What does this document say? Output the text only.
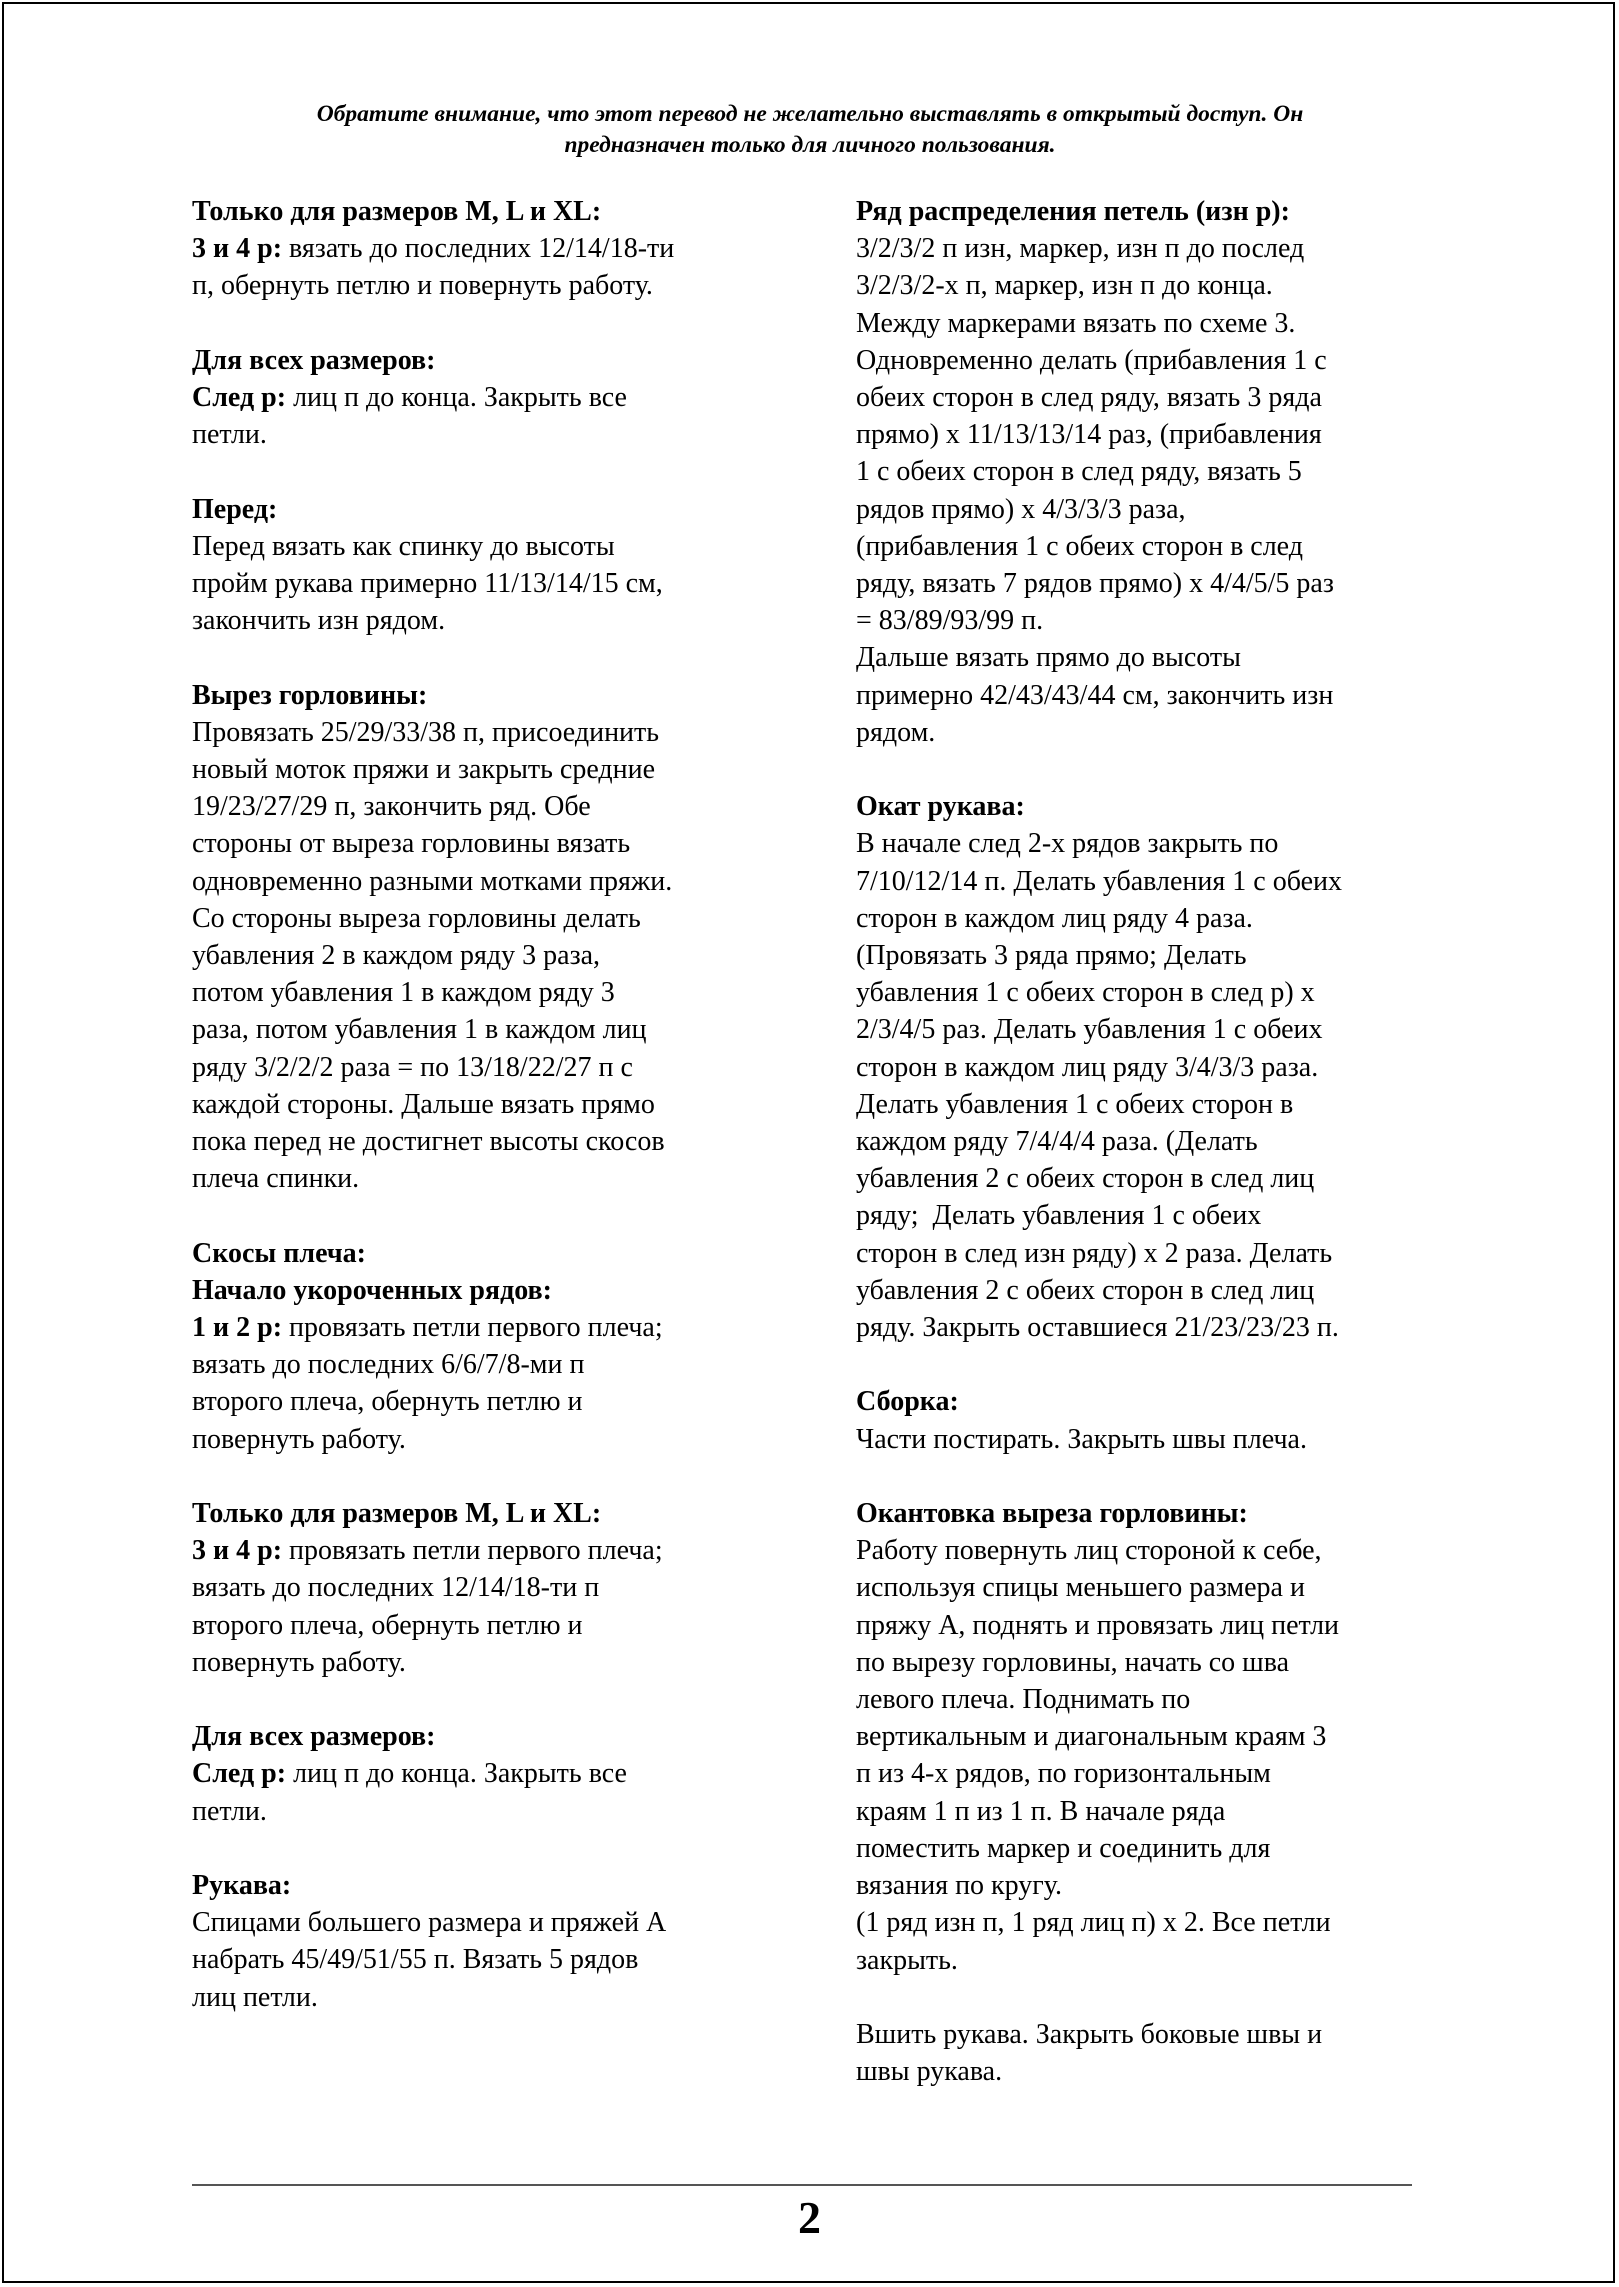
Обратите внимание, что этот перевод не желательно выставлять в открытый доступ. Он
предназначен только для личного пользования.
Только для размеров M, L и XL:
3 и 4 р: вязать до последних 12/14/18-ти
п, обернуть петлю и повернуть работу.
Для всех размеров:
След р: лиц п до конца. Закрыть все
петли.
Перед:
Перед вязать как спинку до высоты
пройм рукава примерно 11/13/14/15 см,
закончить изн рядом.
Вырез горловины:
Провязать 25/29/33/38 п, присоединить
новый моток пряжи и закрыть средние
19/23/27/29 п, закончить ряд. Обе
стороны от выреза горловины вязать
одновременно разными мотками пряжи.
Со стороны выреза горловины делать
убавления 2 в каждом ряду 3 раза,
потом убавления 1 в каждом ряду 3
раза, потом убавления 1 в каждом лиц
ряду 3/2/2/2 раза = по 13/18/22/27 п с
каждой стороны. Дальше вязать прямо
пока перед не достигнет высоты скосов
плеча спинки.
Скосы плеча:
Начало укороченных рядов:
1 и 2 р: провязать петли первого плеча;
вязать до последних 6/6/7/8-ми п
второго плеча, обернуть петлю и
повернуть работу.
Только для размеров M, L и XL:
3 и 4 р: провязать петли первого плеча;
вязать до последних 12/14/18-ти п
второго плеча, обернуть петлю и
повернуть работу.
Для всех размеров:
След р: лиц п до конца. Закрыть все
петли.
Рукава:
Спицами большего размера и пряжей А
набрать 45/49/51/55 п. Вязать 5 рядов
лиц петли.
Ряд распределения петель (изн р):
3/2/3/2 п изн, маркер, изн п до послед
3/2/3/2-х п, маркер, изн п до конца.
Между маркерами вязать по схеме 3.
Одновременно делать (прибавления 1 с
обеих сторон в след ряду, вязать 3 ряда
прямо) х 11/13/13/14 раз, (прибавления
1 с обеих сторон в след ряду, вязать 5
рядов прямо) х 4/3/3/3 раза,
(прибавления 1 с обеих сторон в след
ряду, вязать 7 рядов прямо) х 4/4/5/5 раз
= 83/89/93/99 п.
Дальше вязать прямо до высоты
примерно 42/43/43/44 см, закончить изн
рядом.
Окат рукава:
В начале след 2-х рядов закрыть по
7/10/12/14 п. Делать убавления 1 с обеих
сторон в каждом лиц ряду 4 раза.
(Провязать 3 ряда прямо; Делать
убавления 1 с обеих сторон в след р) х
2/3/4/5 раз. Делать убавления 1 с обеих
сторон в каждом лиц ряду 3/4/3/3 раза.
Делать убавления 1 с обеих сторон в
каждом ряду 7/4/4/4 раза. (Делать
убавления 2 с обеих сторон в след лиц
ряду;  Делать убавления 1 с обеих
сторон в след изн ряду) х 2 раза. Делать
убавления 2 с обеих сторон в след лиц
ряду. Закрыть оставшиеся 21/23/23/23 п.
Сборка:
Части постирать. Закрыть швы плеча.
Окантовка выреза горловины:
Работу повернуть лиц стороной к себе,
используя спицы меньшего размера и
пряжу А, поднять и провязать лиц петли
по вырезу горловины, начать со шва
левого плеча. Поднимать по
вертикальным и диагональным краям 3
п из 4-х рядов, по горизонтальным
краям 1 п из 1 п. В начале ряда
поместить маркер и соединить для
вязания по кругу.
(1 ряд изн п, 1 ряд лиц п) х 2. Все петли
закрыть.
Вшить рукава. Закрыть боковые швы и
швы рукава.
2
